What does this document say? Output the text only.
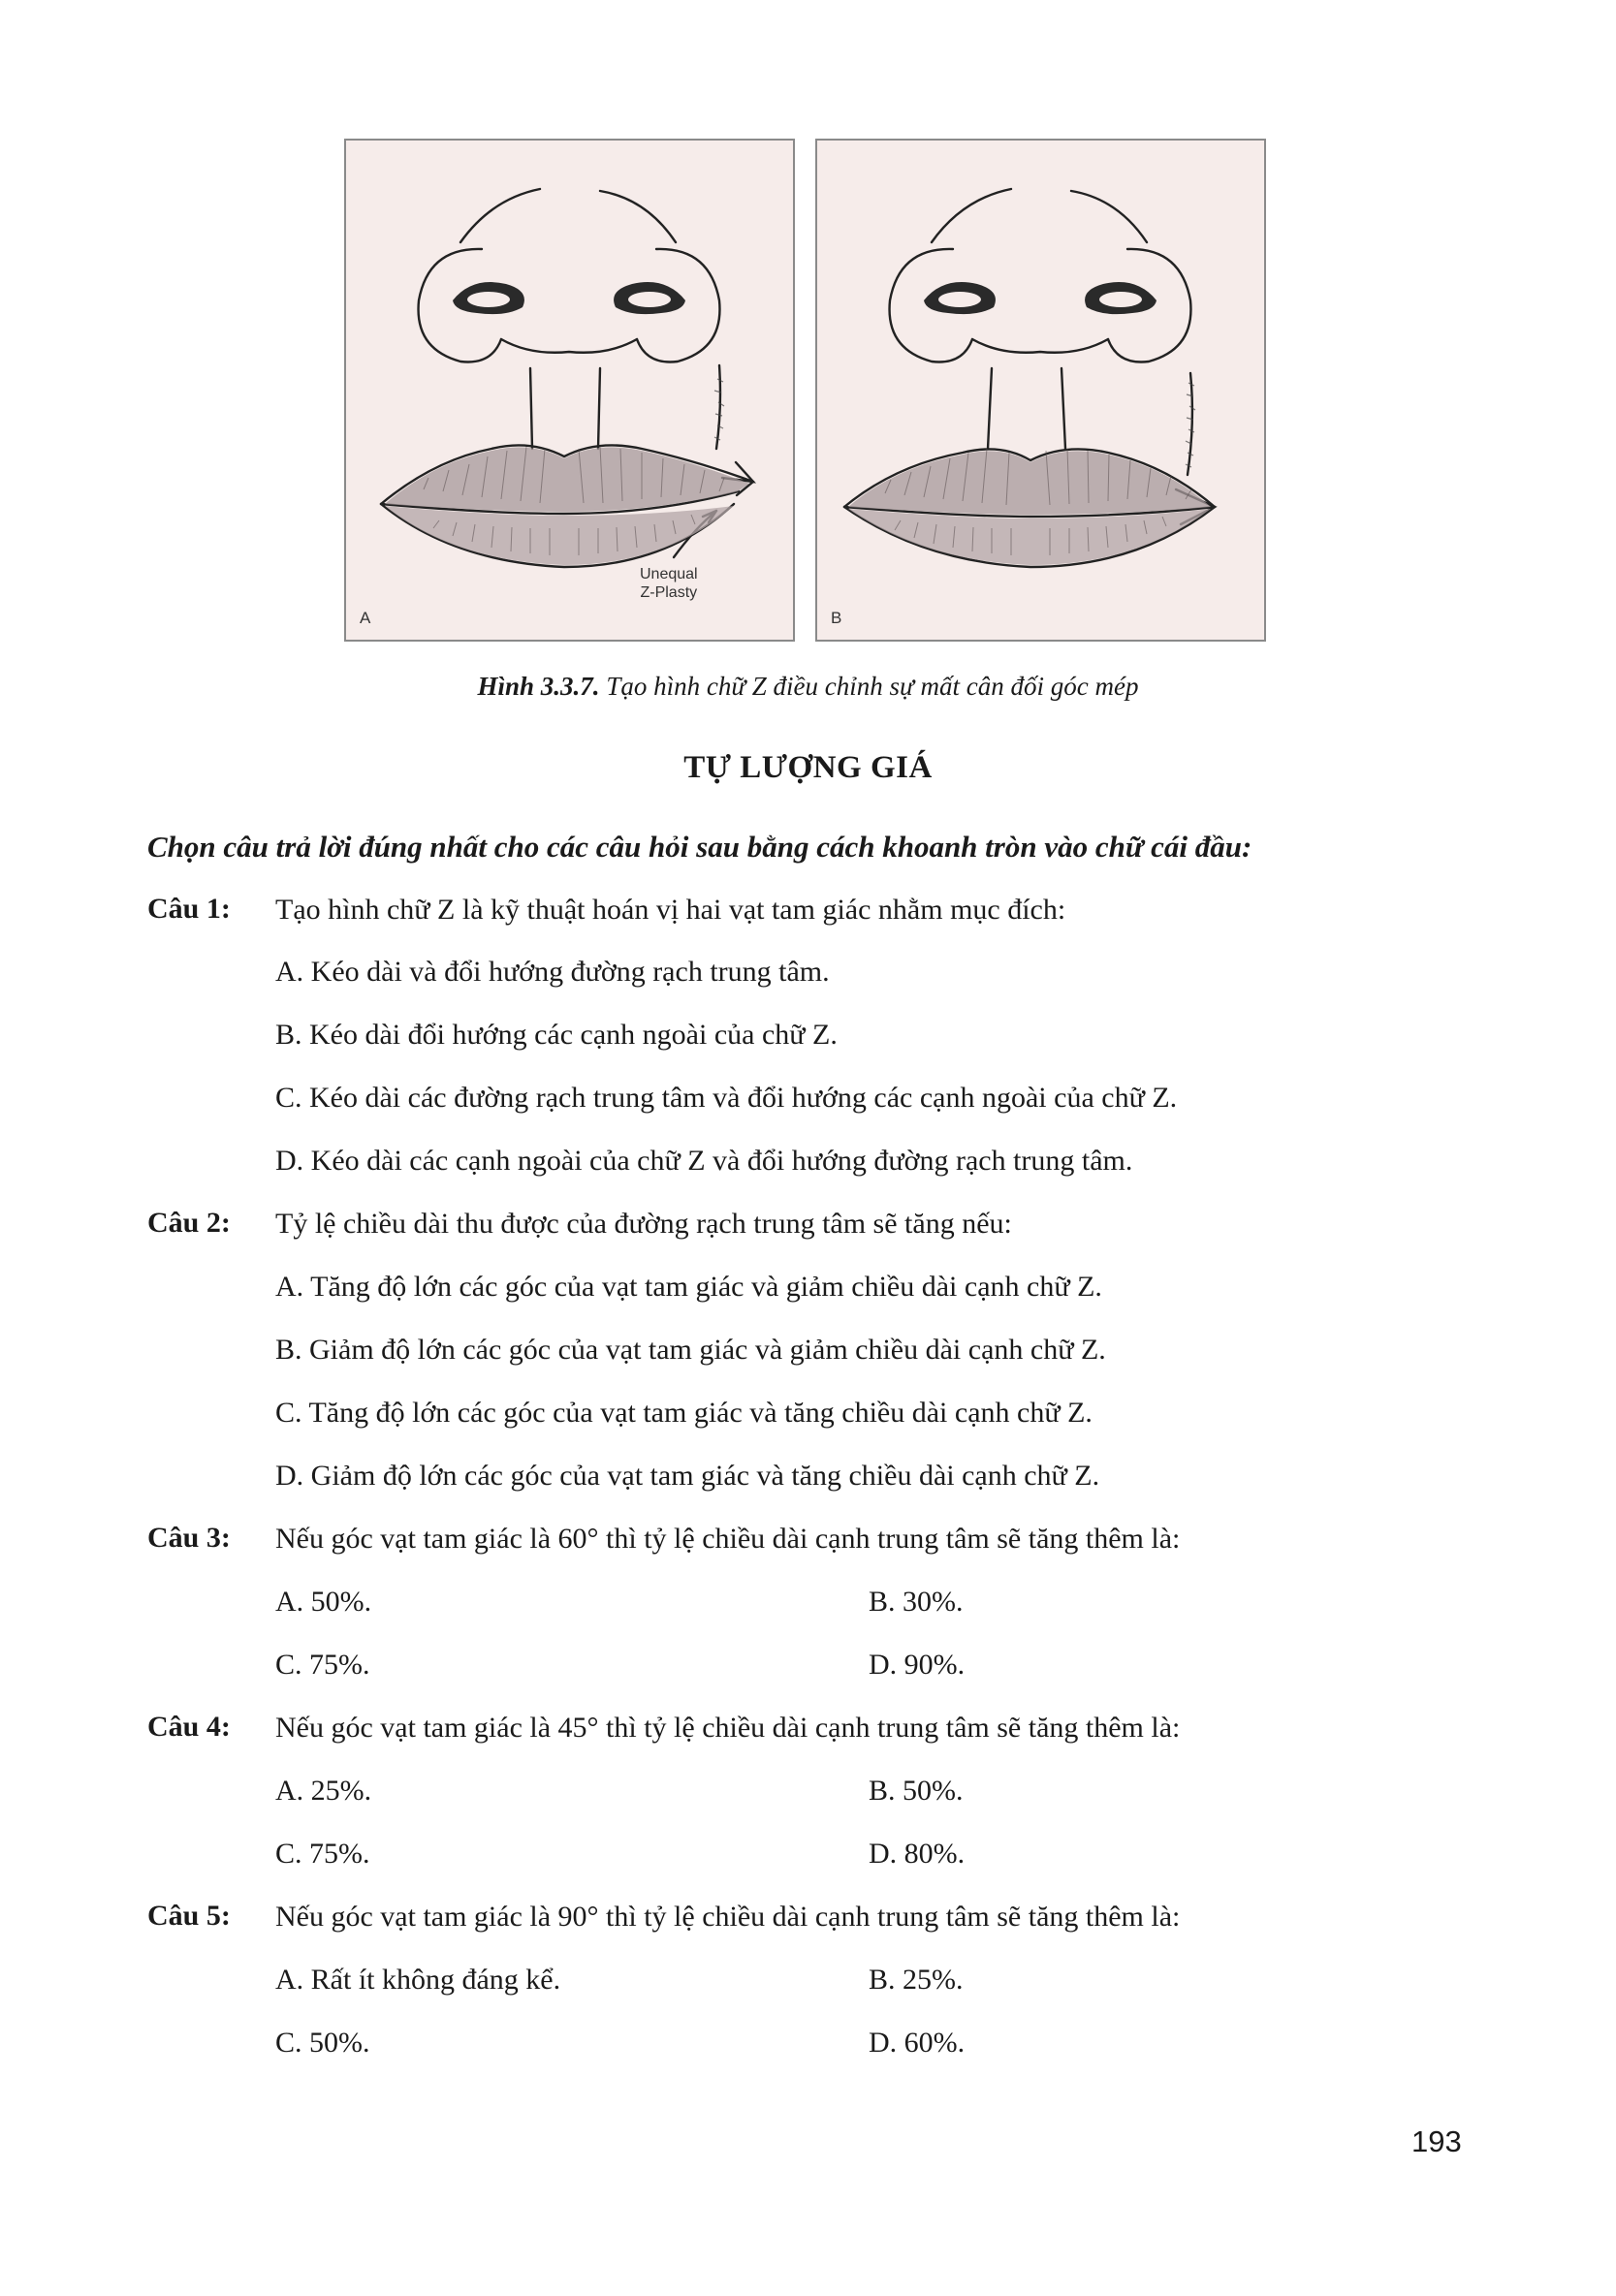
Unequal
Z-Plasty
A	B
Hình 3.3.7. Tạo hình chữ Z điều chỉnh sự mất cân đối góc mép
TỰ LƯỢNG GIÁ
Chọn câu trả lời đúng nhất cho các câu hỏi sau bằng cách khoanh tròn vào chữ cái đầu:
Câu 1: Tạo hình chữ Z là kỹ thuật hoán vị hai vạt tam giác nhằm mục đích:
A. Kéo dài và đổi hướng đường rạch trung tâm.
B. Kéo dài đổi hướng các cạnh ngoài của chữ Z.
C. Kéo dài các đường rạch trung tâm và đổi hướng các cạnh ngoài của chữ Z.
D. Kéo dài các cạnh ngoài của chữ Z và đổi hướng đường rạch trung tâm.
Câu 2: Tỷ lệ chiều dài thu được của đường rạch trung tâm sẽ tăng nếu:
A. Tăng độ lớn các góc của vạt tam giác và giảm chiều dài cạnh chữ Z.
B. Giảm độ lớn các góc của vạt tam giác và giảm chiều dài cạnh chữ Z.
C. Tăng độ lớn các góc của vạt tam giác và tăng chiều dài cạnh chữ Z.
D. Giảm độ lớn các góc của vạt tam giác và tăng chiều dài cạnh chữ Z.
Câu 3: Nếu góc vạt tam giác là 60° thì tỷ lệ chiều dài cạnh trung tâm sẽ tăng thêm là:
A. 50%.	B. 30%.
C. 75%.	D. 90%.
Câu 4: Nếu góc vạt tam giác là 45° thì tỷ lệ chiều dài cạnh trung tâm sẽ tăng thêm là:
A. 25%.	B. 50%.
C. 75%.	D. 80%.
Câu 5: Nếu góc vạt tam giác là 90° thì tỷ lệ chiều dài cạnh trung tâm sẽ tăng thêm là:
A. Rất ít không đáng kể.	B. 25%.
C. 50%.	D. 60%.
193
